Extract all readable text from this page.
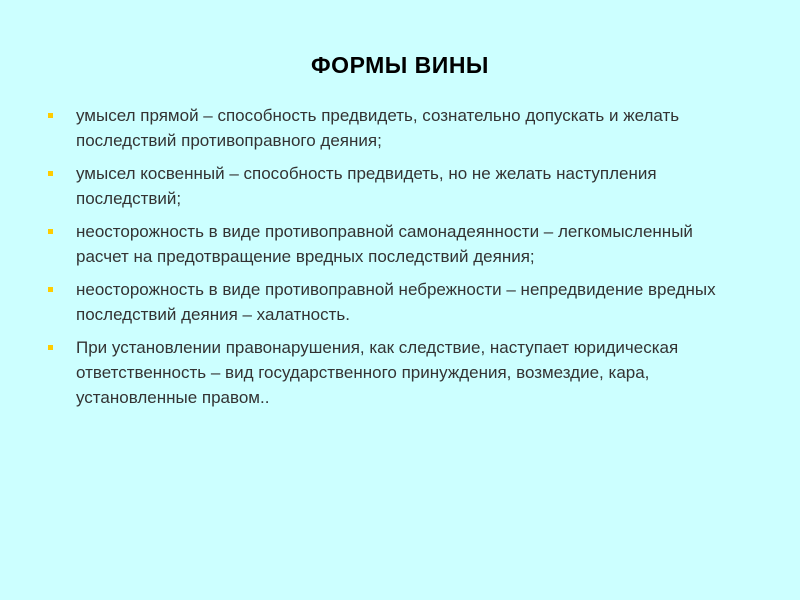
ФОРМЫ ВИНЫ
умысел прямой – способность предвидеть, сознательно допускать и желать последствий противоправного деяния;
умысел косвенный – способность предвидеть, но не желать наступления последствий;
неосторожность в виде противоправной самонадеянности – легкомысленный расчет на предотвращение вредных последствий деяния;
неосторожность в виде противоправной небрежности – непредвидение вредных последствий деяния – халатность.
При установлении правонарушения, как следствие, наступает юридическая ответственность – вид государственного принуждения, возмездие, кара, установленные правом..
